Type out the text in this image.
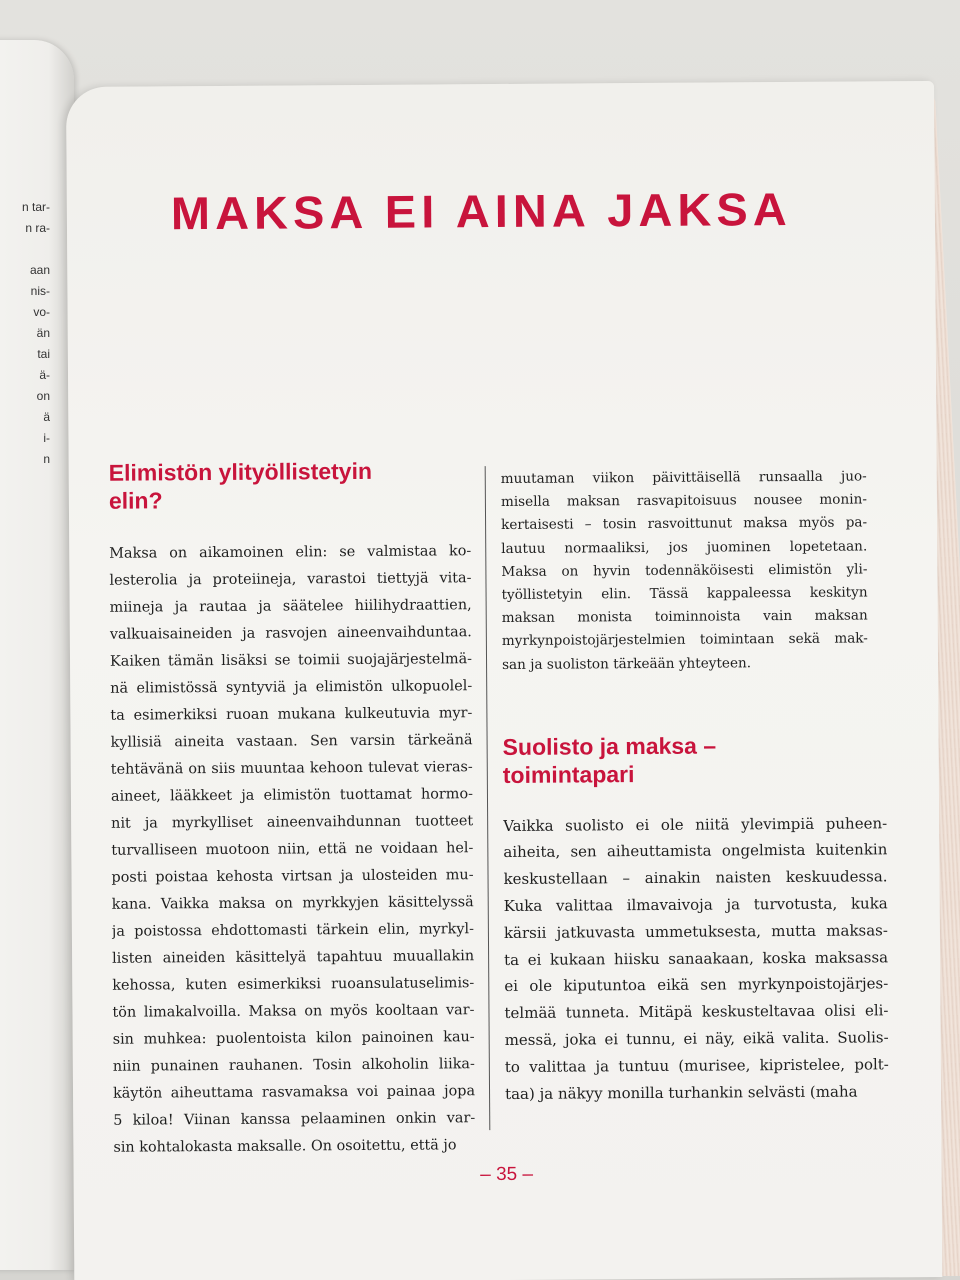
n tar-
n ra-
aan
nis-
vo-
än
tai
ä-
on
ä
i-
n
MAKSA EI AINA JAKSA
Elimistön ylityöllistetyin
elin?
Maksa on aikamoinen elin: se valmistaa ko-
lesterolia ja proteiineja, varastoi tiettyjä vita-
miineja ja rautaa ja säätelee hiilihydraattien,
valkuaisaineiden ja rasvojen aineenvaihduntaa.
Kaiken tämän lisäksi se toimii suojajärjestelmä-
nä elimistössä syntyviä ja elimistön ulkopuolel-
ta esimerkiksi ruoan mukana kulkeutuvia myr-
kyllisiä aineita vastaan. Sen varsin tärkeänä
tehtävänä on siis muuntaa kehoon tulevat vieras-
aineet, lääkkeet ja elimistön tuottamat hormo-
nit ja myrkylliset aineenvaihdunnan tuotteet
turvalliseen muotoon niin, että ne voidaan hel-
posti poistaa kehosta virtsan ja ulosteiden mu-
kana. Vaikka maksa on myrkkyjen käsittelyssä
ja poistossa ehdottomasti tärkein elin, myrkyl-
listen aineiden käsittelyä tapahtuu muuallakin
kehossa, kuten esimerkiksi ruoansulatuselimis-
tön limakalvoilla. Maksa on myös kooltaan var-
sin muhkea: puolentoista kilon painoinen kau-
niin punainen rauhanen. Tosin alkoholin liika-
käytön aiheuttama rasvamaksa voi painaa jopa
5 kiloa! Viinan kanssa pelaaminen onkin var-
sin kohtalokasta maksalle. On osoitettu, että jo
muutaman viikon päivittäisellä runsaalla juo-
misella maksan rasvapitoisuus nousee monin-
kertaisesti – tosin rasvoittunut maksa myös pa-
lautuu normaaliksi, jos juominen lopetetaan.
Maksa on hyvin todennäköisesti elimistön yli-
työllistetyin elin. Tässä kappaleessa keskityn
maksan monista toiminnoista vain maksan
myrkynpoistojärjestelmien toimintaan sekä mak-
san ja suoliston tärkeään yhteyteen.
Suolisto ja maksa –
toimintapari
Vaikka suolisto ei ole niitä ylevimpiä puheen-
aiheita, sen aiheuttamista ongelmista kuitenkin
keskustellaan – ainakin naisten keskuudessa.
Kuka valittaa ilmavaivoja ja turvotusta, kuka
kärsii jatkuvasta ummetuksesta, mutta maksas-
ta ei kukaan hiisku sanaakaan, koska maksassa
ei ole kiputuntoa eikä sen myrkynpoistojärjes-
telmää tunneta. Mitäpä keskusteltavaa olisi eli-
messä, joka ei tunnu, ei näy, eikä valita. Suolis-
to valittaa ja tuntuu (murisee, kipristelee, polt-
taa) ja näkyy monilla turhankin selvästi (maha
– 35 –
